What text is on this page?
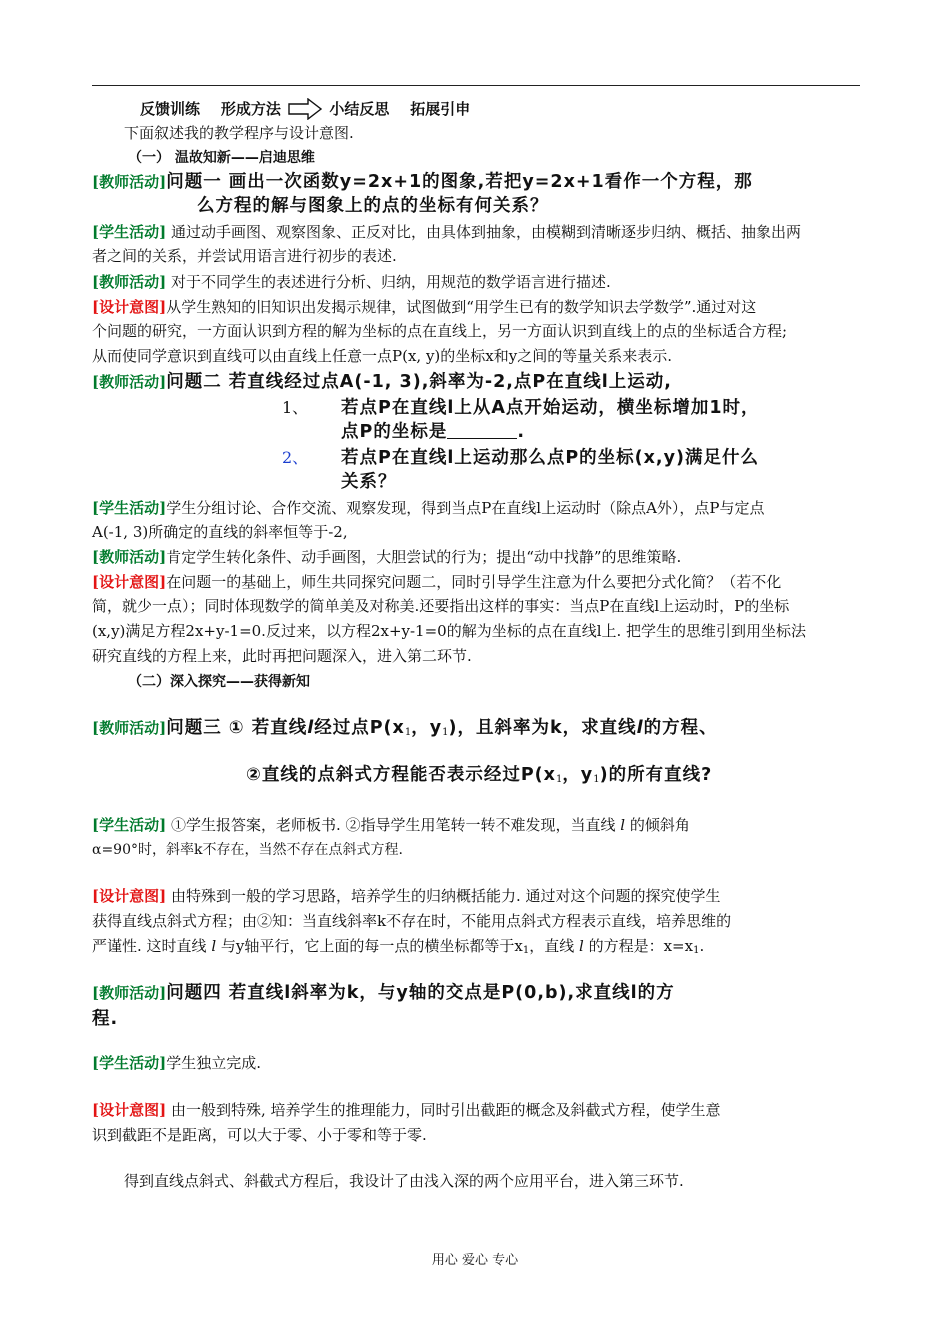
反馈训练 形成方法	小结反思 拓展引申
下面叙述我的教学程序与设计意图.
（一） 温故知新——启迪思维
[教师活动]问题一 画出一次函数y=2x+1的图象,若把y=2x+1看作一个方程，那
么方程的解与图象上的点的坐标有何关系？
[学生活动] 通过动手画图、观察图象、正反对比，由具体到抽象，由模糊到清晰逐步归纳、概括、抽象出两
者之间的关系，并尝试用语言进行初步的表述.
[教师活动] 对于不同学生的表述进行分析、归纳，用规范的数学语言进行描述.
[设计意图]从学生熟知的旧知识出发揭示规律，试图做到“用学生已有的数学知识去学数学”.通过对这
个问题的研究，一方面认识到方程的解为坐标的点在直线上，另一方面认识到直线上的点的坐标适合方程;
从而使同学意识到直线可以由直线上任意一点P(x, y)的坐标x和y之间的等量关系来表示.
[教师活动]问题二 若直线经过点A(-1, 3),斜率为-2,点P在直线l上运动,
1、 若点P在直线l上从A点开始运动，横坐标增加1时，
点P的坐标是	.
2、 若点P在直线l上运动那么点P的坐标(x,y)满足什么
关系？
[学生活动]学生分组讨论、合作交流、观察发现，得到当点P在直线l上运动时（除点A外），点P与定点
A(-1, 3)所确定的直线的斜率恒等于-2,
[教师活动]肯定学生转化条件、动手画图，大胆尝试的行为；提出“动中找静”的思维策略.
[设计意图]在问题一的基础上，师生共同探究问题二，同时引导学生注意为什么要把分式化简？（若不化
简，就少一点）；同时体现数学的简单美及对称美.还要指出这样的事实：当点P在直线l上运动时，P的坐标
(x,y)满足方程2x+y-1=0.反过来，以方程2x+y-1=0的解为坐标的点在直线l上. 把学生的思维引到用坐标法
研究直线的方程上来，此时再把问题深入，进入第二环节.
（二）深入探究——获得新知
[教师活动]问题三 ① 若直线l经过点$P(x_1$，$y_1$)，且斜率为k，求直线l的方程、
②直线的点斜式方程能否表示经过$P(x_1$，$y_1$)的所有直线?
[学生活动] ①学生报答案，老师板书. ②指导学生用笔转一转不难发现，当直线 l 的倾斜角
α=90°时，斜率k不存在，当然不存在点斜式方程.
[设计意图] 由特殊到一般的学习思路，培养学生的归纳概括能力. 通过对这个问题的探究使学生
获得直线点斜式方程；由②知：当直线斜率k不存在时，不能用点斜式方程表示直线，培养思维的
严谨性. 这时直线 l 与y轴平行，它上面的每一点的横坐标都等于$x_1$，直线 l 的方程是：$x=x_1$.
[教师活动]问题四 若直线l斜率为k，与y轴的交点是P(0,b),求直线l的方
程.
[学生活动]学生独立完成.
[设计意图] 由一般到特殊, 培养学生的推理能力，同时引出截距的概念及斜截式方程，使学生意
识到截距不是距离，可以大于零、小于零和等于零.
得到直线点斜式、斜截式方程后，我设计了由浅入深的两个应用平台，进入第三环节.
用心 爱心 专心
